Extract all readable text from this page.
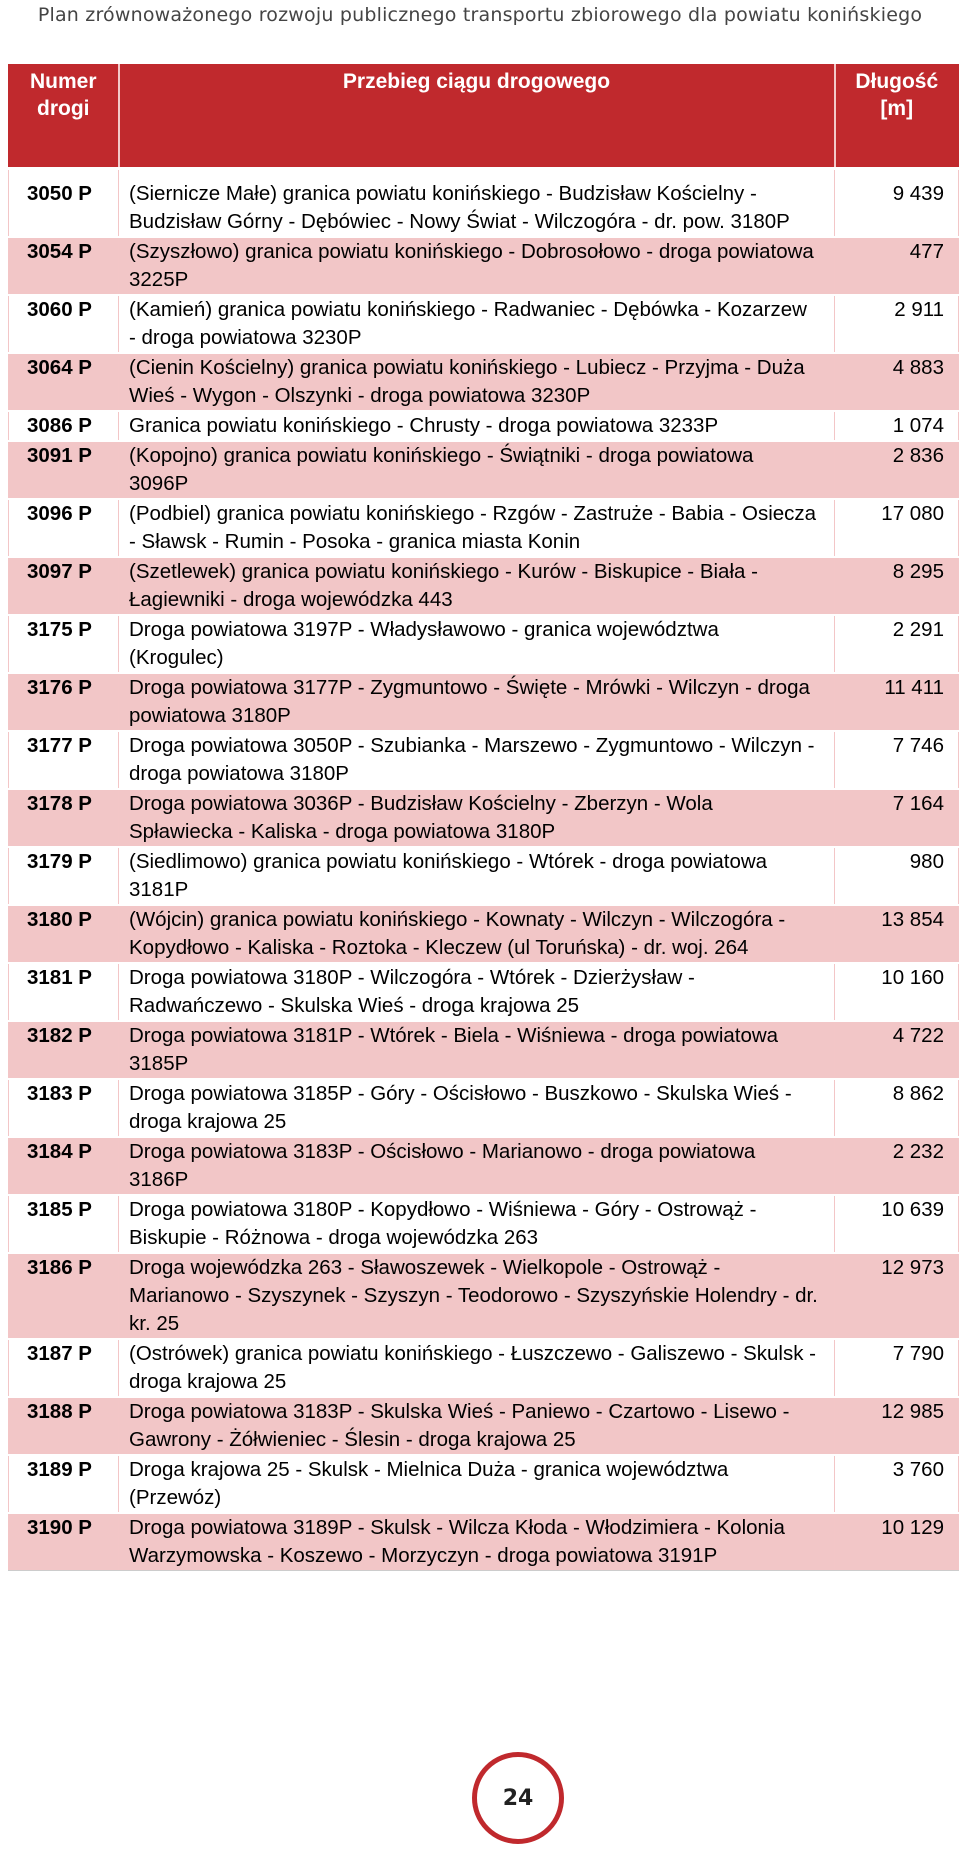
Plan zrównoważonego rozwoju publicznego transportu zbiorowego dla powiatu konińskiego
Numer drogi	Przebieg ciągu drogowego	Długość [m]
3050 P	(Siernicze Małe) granica powiatu konińskiego - Budzisław Kościelny - Budzisław Górny - Dębówiec - Nowy Świat - Wilczogóra - dr. pow. 3180P	9 439
3054 P	(Szyszłowo) granica powiatu konińskiego - Dobrosołowo - droga powiatowa 3225P	477
3060 P	(Kamień) granica powiatu konińskiego - Radwaniec - Dębówka - Kozarzew - droga powiatowa 3230P	2 911
3064 P	(Cienin Kościelny) granica powiatu konińskiego - Lubiecz - Przyjma - Duża Wieś - Wygon - Olszynki - droga powiatowa 3230P	4 883
3086 P	Granica powiatu konińskiego - Chrusty - droga powiatowa 3233P	1 074
3091 P	(Kopojno) granica powiatu konińskiego - Świątniki - droga powiatowa 3096P	2 836
3096 P	(Podbiel) granica powiatu konińskiego - Rzgów - Zastruże - Babia - Osiecza - Sławsk - Rumin - Posoka - granica miasta Konin	17 080
3097 P	(Szetlewek) granica powiatu konińskiego - Kurów - Biskupice - Biała - Łagiewniki - droga wojewódzka 443	8 295
3175 P	Droga powiatowa 3197P - Władysławowo - granica województwa (Krogulec)	2 291
3176 P	Droga powiatowa 3177P - Zygmuntowo - Święte - Mrówki - Wilczyn - droga powiatowa 3180P	11 411
3177 P	Droga powiatowa 3050P - Szubianka - Marszewo - Zygmuntowo - Wilczyn - droga powiatowa 3180P	7 746
3178 P	Droga powiatowa 3036P - Budzisław Kościelny - Zberzyn - Wola Spławiecka - Kaliska - droga powiatowa 3180P	7 164
3179 P	(Siedlimowo) granica powiatu konińskiego - Wtórek - droga powiatowa 3181P	980
3180 P	(Wójcin) granica powiatu konińskiego - Kownaty - Wilczyn - Wilczogóra - Kopydłowo - Kaliska - Roztoka - Kleczew (ul Toruńska) - dr. woj. 264	13 854
3181 P	Droga powiatowa 3180P - Wilczogóra - Wtórek - Dzierżysław - Radwańczewo - Skulska Wieś - droga krajowa 25	10 160
3182 P	Droga powiatowa 3181P - Wtórek - Biela - Wiśniewa - droga powiatowa 3185P	4 722
3183 P	Droga powiatowa 3185P - Góry - Ościsłowo - Buszkowo - Skulska Wieś - droga krajowa 25	8 862
3184 P	Droga powiatowa 3183P - Ościsłowo - Marianowo - droga powiatowa 3186P	2 232
3185 P	Droga powiatowa 3180P - Kopydłowo - Wiśniewa - Góry - Ostrowąż - Biskupie - Różnowa - droga wojewódzka 263	10 639
3186 P	Droga wojewódzka 263 - Sławoszewek - Wielkopole - Ostrowąż - Marianowo - Szyszynek - Szyszyn - Teodorowo - Szyszyńskie Holendry - dr. kr. 25	12 973
3187 P	(Ostrówek) granica powiatu konińskiego - Łuszczewo - Galiszewo - Skulsk - droga krajowa 25	7 790
3188 P	Droga powiatowa 3183P - Skulska Wieś - Paniewo - Czartowo - Lisewo - Gawrony - Żółwieniec - Ślesin - droga krajowa 25	12 985
3189 P	Droga krajowa 25 - Skulsk - Mielnica Duża - granica województwa (Przewóz)	3 760
3190 P	Droga powiatowa 3189P - Skulsk - Wilcza Kłoda - Włodzimiera - Kolonia Warzymowska - Koszewo - Morzyczyn - droga powiatowa 3191P	10 129
24
